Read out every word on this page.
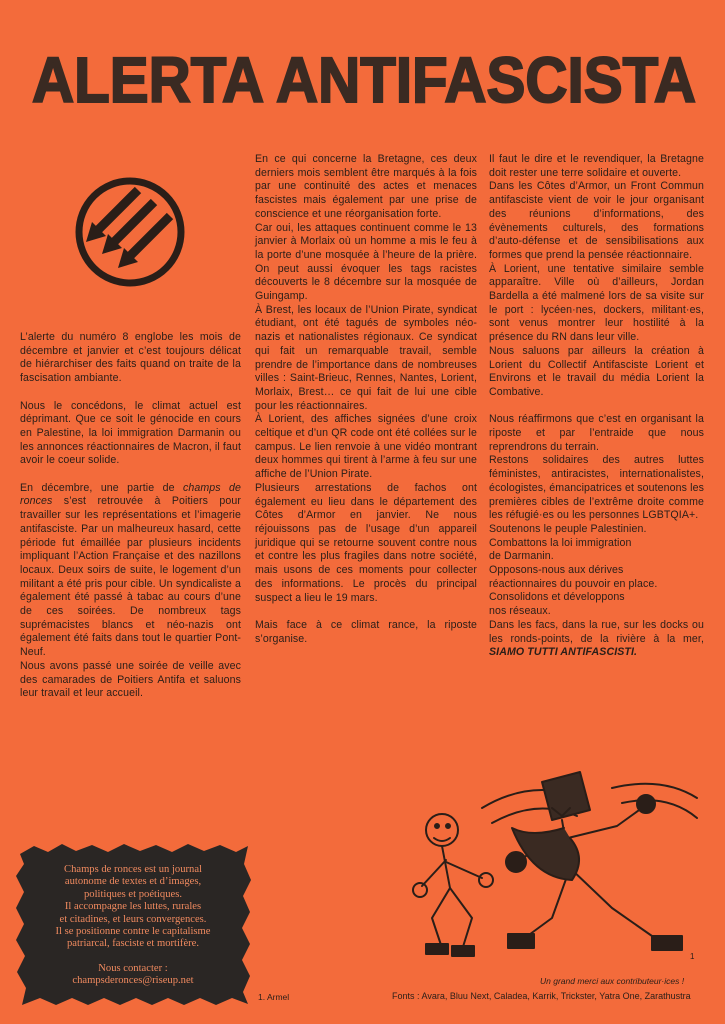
ALERTA ANTIFASCISTA

L’alerte du numéro 8 englobe les mois de décembre et janvier et c’est toujours délicat de hiérarchiser des faits quand on traite de la fascisation ambiante.

Nous le concédons, le climat actuel est déprimant. Que ce soit le génocide en cours en Palestine, la loi immigration Darmanin ou les annonces réactionnaires de Macron, il faut avoir le coeur solide.

En décembre, une partie de champs de ronces s’est retrouvée à Poitiers pour travailler sur les représentations et l’imagerie antifasciste. Par un malheureux hasard, cette période fut émaillée par plusieurs incidents impliquant l’Action Française et des nazillons locaux. Deux soirs de suite, le logement d’un militant a été pris pour cible. Un syndicaliste a également été passé à tabac au cours d’une de ces soirées. De nombreux tags suprémacistes blancs et néo-nazis ont également été faits dans tout le quartier Pont-Neuf.

Nous avons passé une soirée de veille avec des camarades de Poitiers Antifa et saluons leur travail et leur accueil.

En ce qui concerne la Bretagne, ces deux derniers mois semblent être marqués à la fois par une continuité des actes et menaces fascistes mais également par une prise de conscience et une réorganisation forte.

Car oui, les attaques continuent comme le 13 janvier à Morlaix où un homme a mis le feu à la porte d’une mosquée à l’heure de la prière. On peut aussi évoquer les tags racistes découverts le 8 décembre sur la mosquée de Guingamp.

À Brest, les locaux de l’Union Pirate, syndicat étudiant, ont été tagués de symboles néo-nazis et nationalistes régionaux. Ce syndicat qui fait un remarquable travail, semble prendre de l’importance dans de nombreuses villes : Saint-Brieuc, Rennes, Nantes, Lorient, Morlaix, Brest… ce qui fait de lui une cible pour les réactionnaires.

À Lorient, des affiches signées d’une croix celtique et d’un QR code ont été collées sur le campus. Le lien renvoie à une vidéo montrant deux hommes qui tirent à l’arme à feu sur une affiche de l’Union Pirate.

Plusieurs arrestations de fachos ont également eu lieu dans le département des Côtes d’Armor en janvier. Ne nous réjouissons pas de l’usage d’un appareil juridique qui se retourne souvent contre nous et contre les plus fragiles dans notre société, mais usons de ces moments pour collecter des informations. Le procès du principal suspect a lieu le 19 mars.

Mais face à ce climat rance, la riposte s’organise.

Il faut le dire et le revendiquer, la Bretagne doit rester une terre solidaire et ouverte.

Dans les Côtes d’Armor, un Front Commun antifasciste vient de voir le jour organisant des réunions d’informations, des évènements culturels, des formations d’auto-défense et de sensibilisations aux formes que prend la pensée réactionnaire.

À Lorient, une tentative similaire semble apparaître. Ville où d’ailleurs, Jordan Bardella a été malmené lors de sa visite sur le port : lycéen·nes, dockers, militant·es, sont venus montrer leur hostilité à la présence du RN dans leur ville.

Nous saluons par ailleurs la création à Lorient du Collectif Antifasciste Lorient et Environs et le travail du média Lorient la Combative.

Nous réaffirmons que c’est en organisant la riposte et par l’entraide que nous reprendrons du terrain.

Restons solidaires des autres luttes féministes, antiracistes, internationalistes, écologistes, émancipatrices et soutenons les premières cibles de l’extrême droite comme les réfugié·es ou les personnes LGBTQIA+.

Soutenons le peuple Palestinien.

Combattons la loi immigration

de Darmanin.

Opposons-nous aux dérives

réactionnaires du pouvoir en place.

Consolidons et développons

nos réseaux.

Dans les facs, dans la rue, sur les docks ou les ronds-points, de la rivière à la mer, SIAMO TUTTI ANTIFASCISTI.

Champs de ronces est un journal
autonome de textes et d’images,
politiques et poétiques.
Il accompagne les luttes, rurales
et citadines, et leurs convergences.
Il se positionne contre le capitalisme
patriarcal, fasciste et mortifère.
Nous contacter :
champsderonces@riseup.net	Un grand merci aux contributeur·ices !
1
1. Armel	Fonts : Avara, Bluu Next, Caladea, Karrik, Trickster, Yatra One, Zarathustra
